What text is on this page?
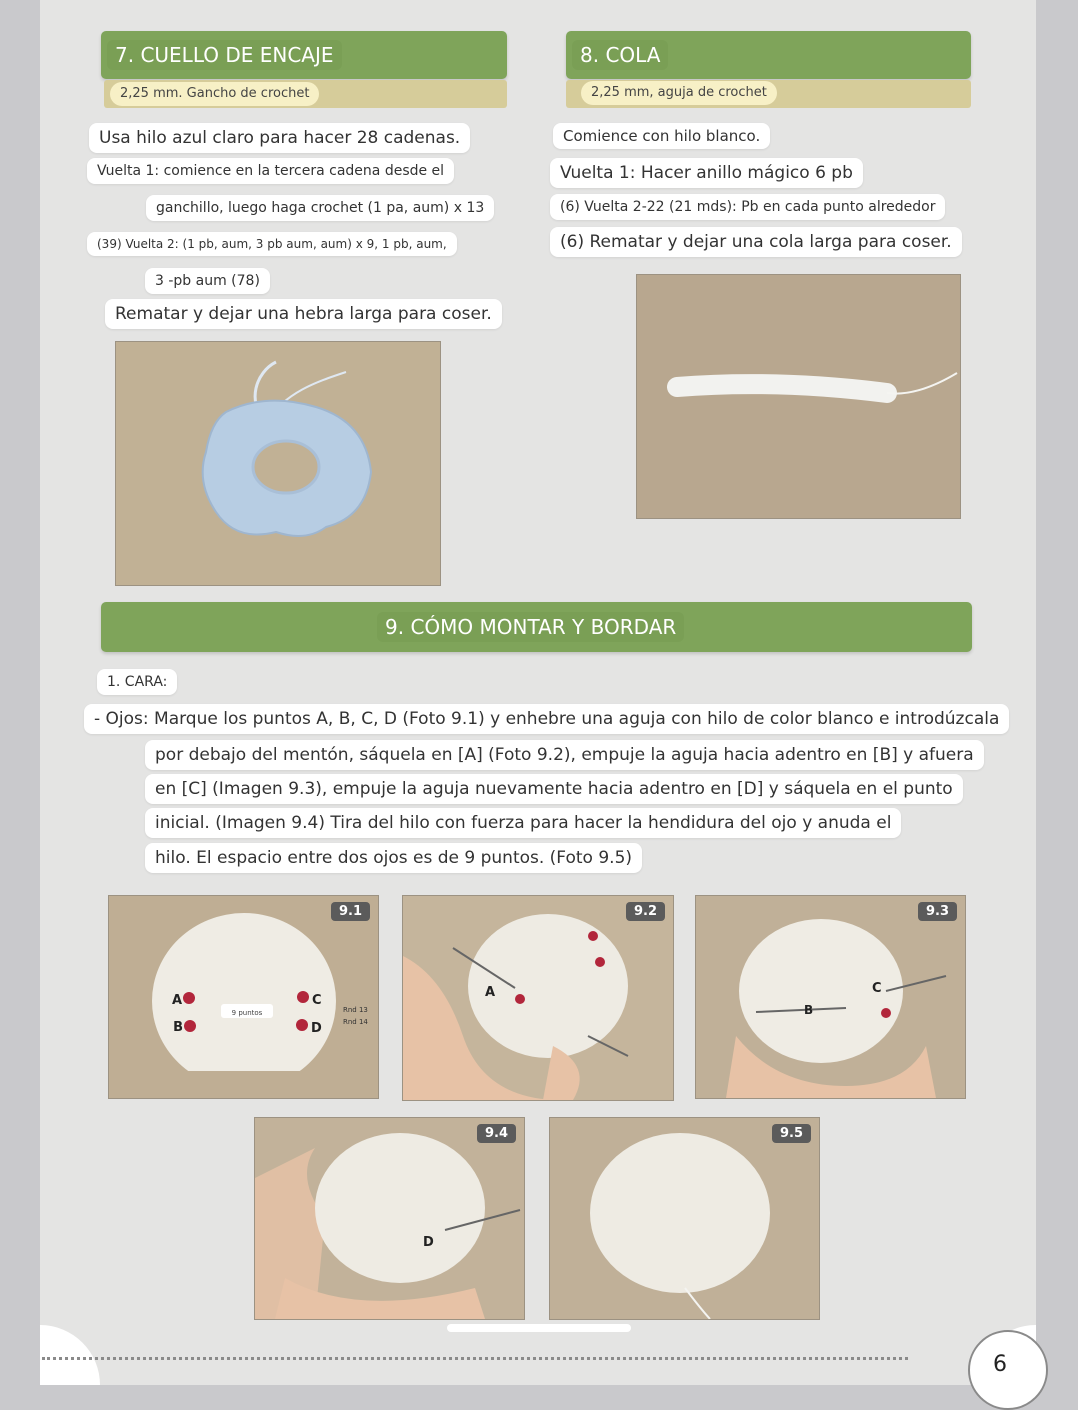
7. CUELLO DE ENCAJE
2,25 mm. Gancho de crochet
Usa hilo azul claro para hacer 28 cadenas.
Vuelta 1: comience en la tercera cadena desde el
ganchillo, luego haga crochet (1 pa, aum) x 13
(39) Vuelta 2: (1 pb, aum, 3 pb aum, aum) x 9, 1 pb, aum,
3 -pb aum (78)
Rematar y dejar una hebra larga para coser.
8. COLA
2,25 mm, aguja de crochet
Comience con hilo blanco.
Vuelta 1: Hacer anillo mágico 6 pb
(6) Vuelta 2-22 (21 mds): Pb en cada punto alrededor
(6) Rematar y dejar una cola larga para coser.
9. CÓMO MONTAR Y BORDAR
1. CARA:
- Ojos: Marque los puntos A, B, C, D (Foto 9.1) y enhebre una aguja con hilo de color blanco e introdúzcala
por debajo del mentón, sáquela en [A] (Foto 9.2), empuje la aguja hacia adentro en [B] y afuera
en [C] (Imagen 9.3), empuje la aguja nuevamente hacia adentro en [D] y sáquela en el punto
inicial. (Imagen 9.4) Tira del hilo con fuerza para hacer la hendidura del ojo y anuda el
hilo. El espacio entre dos ojos es de 9 puntos. (Foto 9.5)
A
B
C
D
9 puntos	Rnd 13
Rnd 14
9.1
A
9.2
B
C
9.3
D
9.4	9.5
6
